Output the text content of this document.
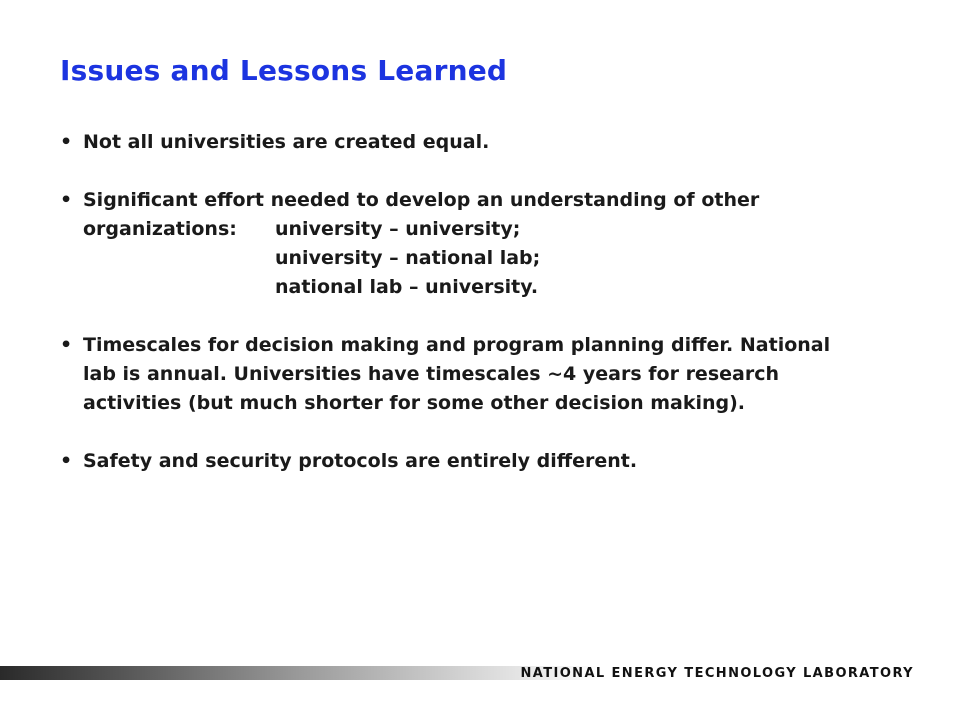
Issues and Lessons Learned
• Not all universities are created equal.
• Significant effort needed to develop an understanding of other
organizations:	university – university;
university – national lab;
national lab – university.
• Timescales for decision making and program planning differ. National
lab is annual. Universities have timescales ~4 years for research
activities (but much shorter for some other decision making).
• Safety and security protocols are entirely different.
NATIONAL ENERGY TECHNOLOGY LABORATORY
